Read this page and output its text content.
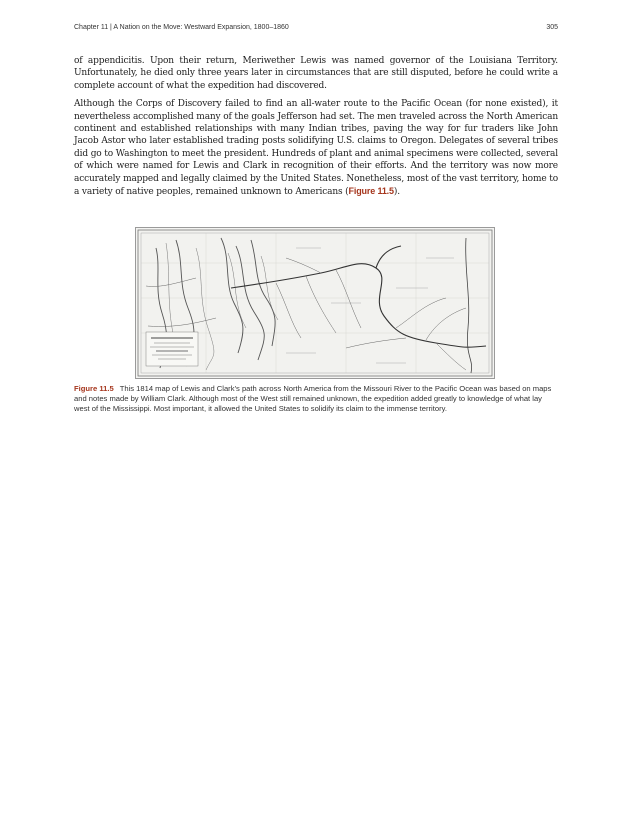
Chapter 11 | A Nation on the Move: Westward Expansion, 1800–1860	305

of appendicitis. Upon their return, Meriwether Lewis was named governor of the Louisiana Territory. Unfortunately, he died only three years later in circumstances that are still disputed, before he could write a complete account of what the expedition had discovered.

Although the Corps of Discovery failed to find an all-water route to the Pacific Ocean (for none existed), it nevertheless accomplished many of the goals Jefferson had set. The men traveled across the North American continent and established relationships with many Indian tribes, paving the way for fur traders like John Jacob Astor who later established trading posts solidifying U.S. claims to Oregon. Delegates of several tribes did go to Washington to meet the president. Hundreds of plant and animal specimens were collected, several of which were named for Lewis and Clark in recognition of their efforts. And the territory was now more accurately mapped and legally claimed by the United States. Nonetheless, most of the vast territory, home to a variety of native peoples, remained unknown to Americans (Figure 11.5).

Figure 11.5 This 1814 map of Lewis and Clark’s path across North America from the Missouri River to the Pacific Ocean was based on maps and notes made by William Clark. Although most of the West still remained unknown, the expedition added greatly to knowledge of what lay west of the Mississippi. Most important, it allowed the United States to solidify its claim to the immense territory.
